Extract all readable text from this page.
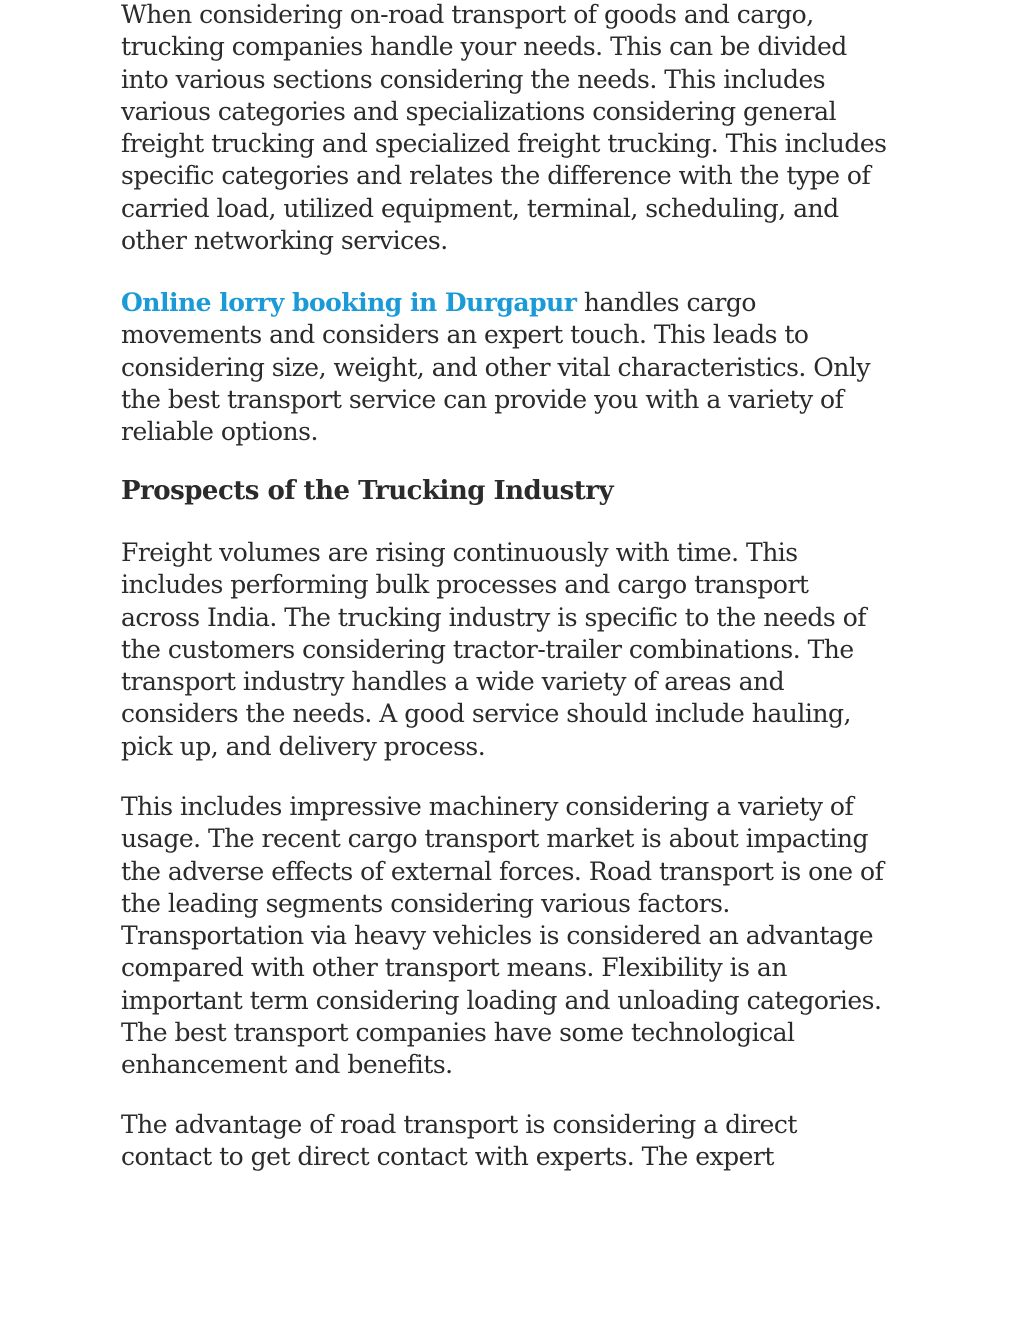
When considering on-road transport of goods and cargo,
trucking companies handle your needs. This can be divided
into various sections considering the needs. This includes
various categories and specializations considering general
freight trucking and specialized freight trucking. This includes
specific categories and relates the difference with the type of
carried load, utilized equipment, terminal, scheduling, and
other networking services.

Online lorry booking in Durgapur handles cargo
movements and considers an expert touch. This leads to
considering size, weight, and other vital characteristics. Only
the best transport service can provide you with a variety of
reliable options.

Prospects of the Trucking Industry

Freight volumes are rising continuously with time. This
includes performing bulk processes and cargo transport
across India. The trucking industry is specific to the needs of
the customers considering tractor-trailer combinations. The
transport industry handles a wide variety of areas and
considers the needs. A good service should include hauling,
pick up, and delivery process.

This includes impressive machinery considering a variety of
usage. The recent cargo transport market is about impacting
the adverse effects of external forces. Road transport is one of
the leading segments considering various factors.
Transportation via heavy vehicles is considered an advantage
compared with other transport means. Flexibility is an
important term considering loading and unloading categories.
The best transport companies have some technological
enhancement and benefits.

The advantage of road transport is considering a direct
contact to get direct contact with experts. The expert
